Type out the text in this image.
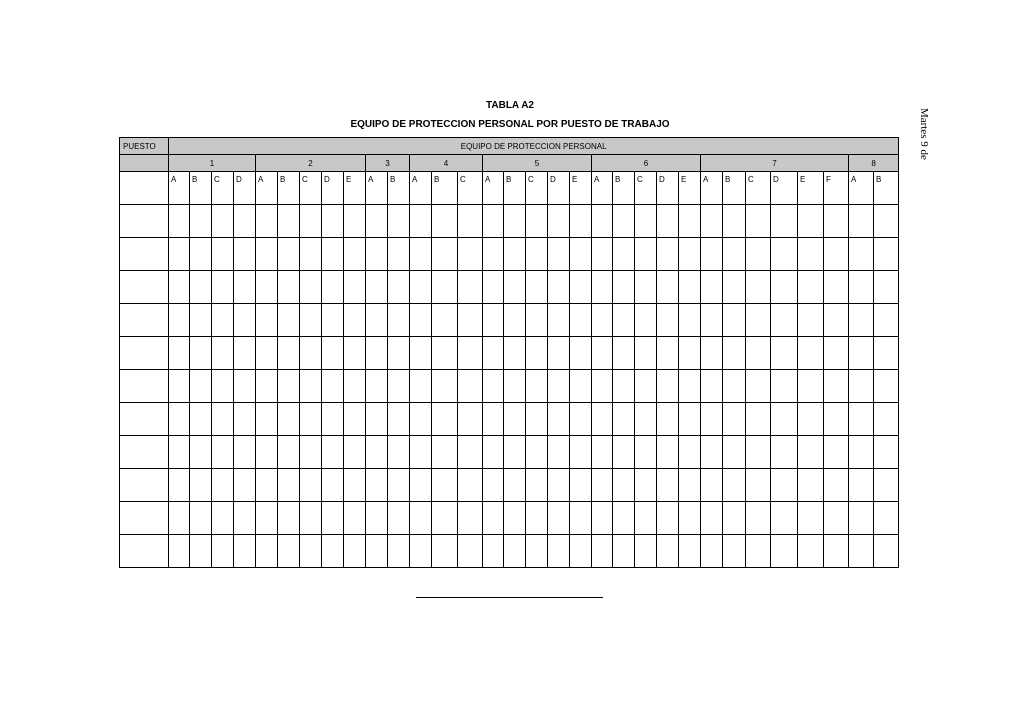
TABLA A2
EQUIPO DE PROTECCION PERSONAL POR PUESTO DE TRABAJO
PUESTO	EQUIPO DE PROTECCION PERSONAL																															
	1				2					3		4			5					6					7						8	

	A	B	C	D	A	B	C	D	E	A	B	A	B	C	A	B	C	D	E	A	B	C	D	E	A	B	C	D	E	F	A	B

Martes 9 de
